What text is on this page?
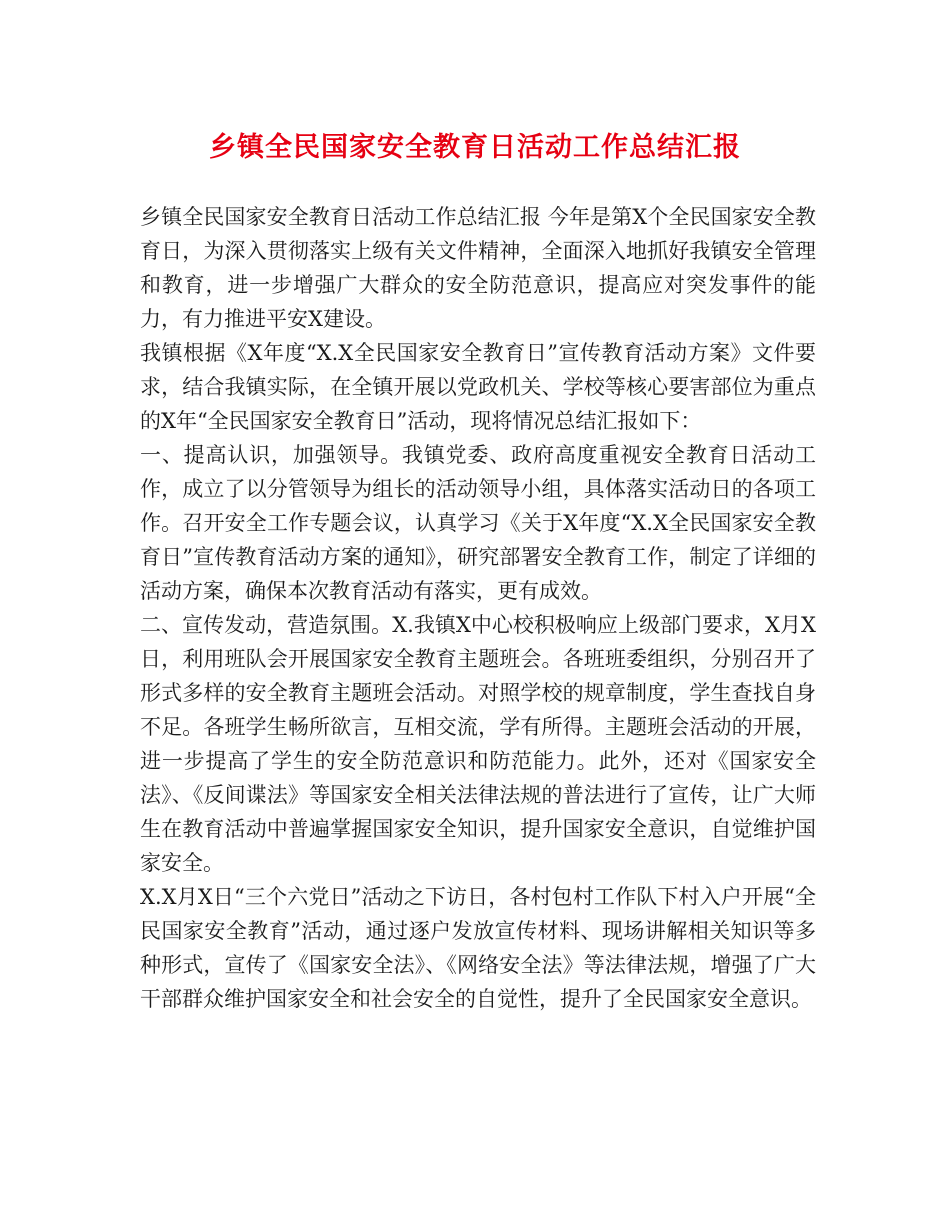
乡镇全民国家安全教育日活动工作总结汇报

乡镇全民国家安全教育日活动工作总结汇报 今年是第X个全民国家安全教育日，为深入贯彻落实上级有关文件精神，全面深入地抓好我镇安全管理和教育，进一步增强广大群众的安全防范意识，提高应对突发事件的能力，有力推进平安X建设。

我镇根据《X年度“X.X全民国家安全教育日”宣传教育活动方案》文件要求，结合我镇实际，在全镇开展以党政机关、学校等核心要害部位为重点的X年“全民国家安全教育日”活动，现将情况总结汇报如下：

一、提高认识，加强领导。我镇党委、政府高度重视安全教育日活动工作，成立了以分管领导为组长的活动领导小组，具体落实活动日的各项工作。召开安全工作专题会议，认真学习《关于X年度“X.X全民国家安全教育日”宣传教育活动方案的通知》，研究部署安全教育工作，制定了详细的活动方案，确保本次教育活动有落实，更有成效。

二、宣传发动，营造氛围。X.我镇X中心校积极响应上级部门要求，X月X日，利用班队会开展国家安全教育主题班会。各班班委组织，分别召开了形式多样的安全教育主题班会活动。对照学校的规章制度，学生查找自身不足。各班学生畅所欲言，互相交流，学有所得。主题班会活动的开展，进一步提高了学生的安全防范意识和防范能力。此外，还对《国家安全法》、《反间谍法》等国家安全相关法律法规的普法进行了宣传，让广大师生在教育活动中普遍掌握国家安全知识，提升国家安全意识，自觉维护国家安全。

X.X月X日“三个六党日”活动之下访日，各村包村工作队下村入户开展“全民国家安全教育”活动，通过逐户发放宣传材料、现场讲解相关知识等多种形式，宣传了《国家安全法》、《网络安全法》等法律法规，增强了广大干部群众维护国家安全和社会安全的自觉性，提升了全民国家安全意识。
